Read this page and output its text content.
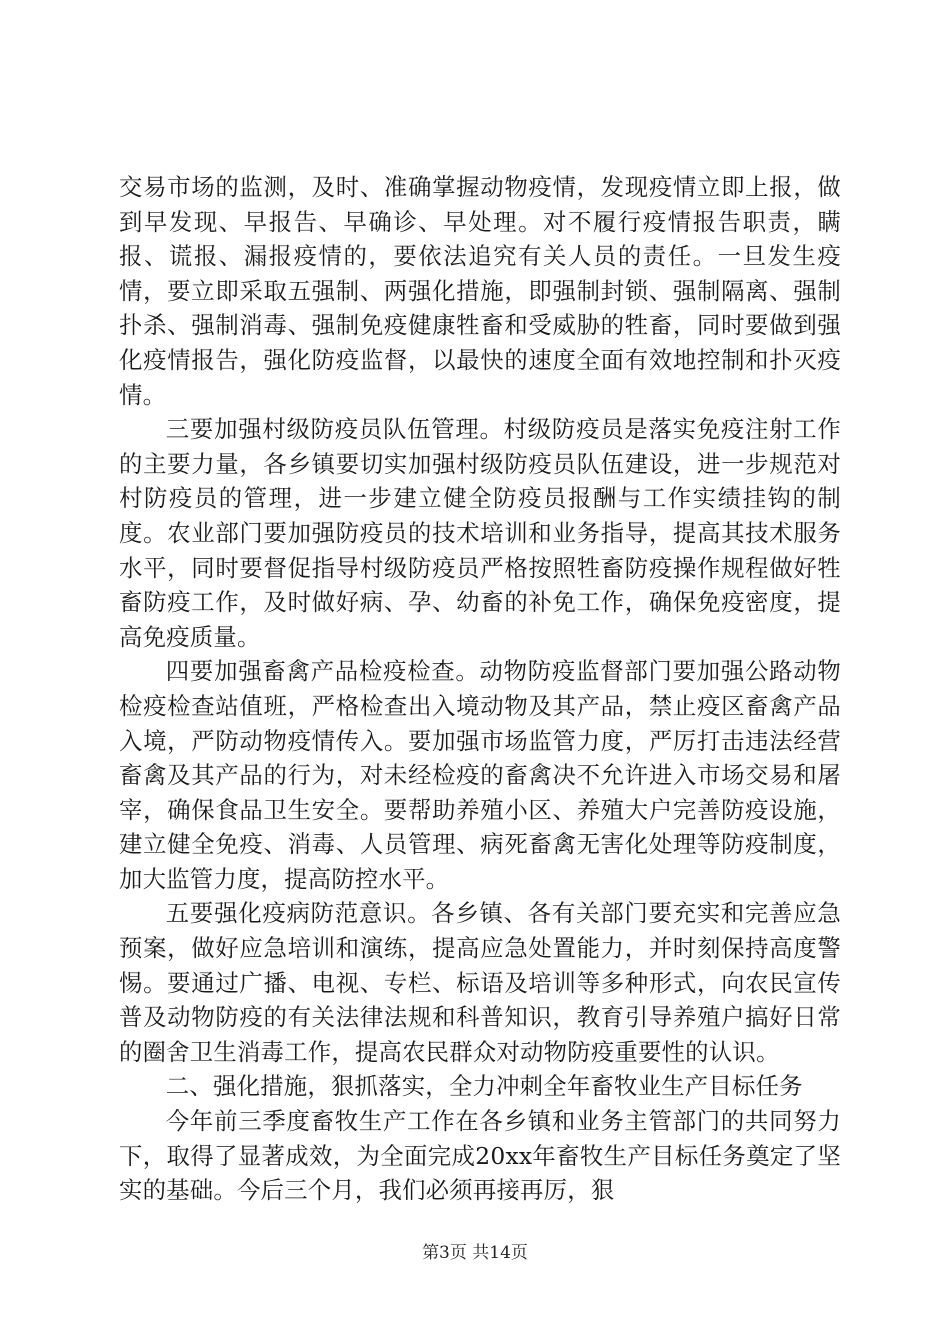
交易市场的监测，及时、准确掌握动物疫情，发现疫情立即上报，做到早发现、早报告、早确诊、早处理。对不履行疫情报告职责，瞒报、谎报、漏报疫情的，要依法追究有关人员的责任。一旦发生疫情，要立即采取五强制、两强化措施，即强制封锁、强制隔离、强制扑杀、强制消毒、强制免疫健康牲畜和受威胁的牲畜，同时要做到强化疫情报告，强化防疫监督，以最快的速度全面有效地控制和扑灭疫情。

三要加强村级防疫员队伍管理。村级防疫员是落实免疫注射工作的主要力量，各乡镇要切实加强村级防疫员队伍建设，进一步规范对村防疫员的管理，进一步建立健全防疫员报酬与工作实绩挂钩的制度。农业部门要加强防疫员的技术培训和业务指导，提高其技术服务水平，同时要督促指导村级防疫员严格按照牲畜防疫操作规程做好牲畜防疫工作，及时做好病、孕、幼畜的补免工作，确保免疫密度，提高免疫质量。

四要加强畜禽产品检疫检查。动物防疫监督部门要加强公路动物检疫检查站值班，严格检查出入境动物及其产品，禁止疫区畜禽产品入境，严防动物疫情传入。要加强市场监管力度，严厉打击违法经营畜禽及其产品的行为，对未经检疫的畜禽决不允许进入市场交易和屠宰，确保食品卫生安全。要帮助养殖小区、养殖大户完善防疫设施，建立健全免疫、消毒、人员管理、病死畜禽无害化处理等防疫制度，加大监管力度，提高防控水平。

五要强化疫病防范意识。各乡镇、各有关部门要充实和完善应急预案，做好应急培训和演练，提高应急处置能力，并时刻保持高度警惕。要通过广播、电视、专栏、标语及培训等多种形式，向农民宣传普及动物防疫的有关法律法规和科普知识，教育引导养殖户搞好日常的圈舍卫生消毒工作，提高农民群众对动物防疫重要性的认识。

二、强化措施，狠抓落实，全力冲刺全年畜牧业生产目标任务

今年前三季度畜牧生产工作在各乡镇和业务主管部门的共同努力下，取得了显著成效，为全面完成20xx年畜牧生产目标任务奠定了坚实的基础。今后三个月，我们必须再接再厉，狠

第3页 共14页
